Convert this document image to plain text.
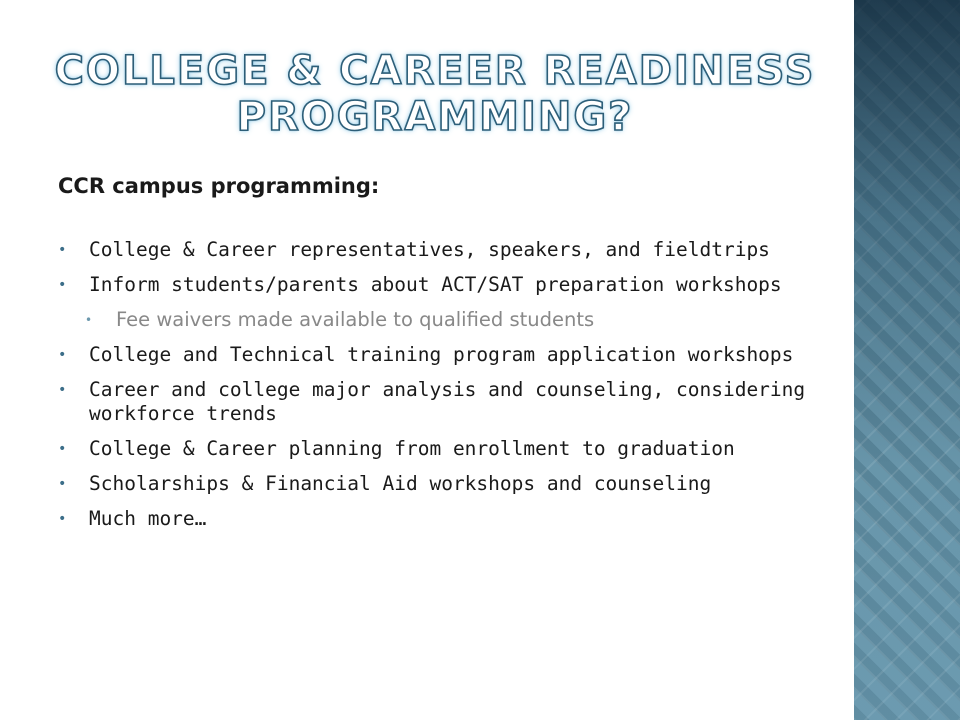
COLLEGE & CAREER READINESS PROGRAMMING?
CCR campus programming:
• College & Career representatives, speakers, and fieldtrips
• Inform students/parents about ACT/SAT preparation workshops
• Fee waivers made available to qualified students
• College and Technical training program application workshops
• Career and college major analysis and counseling, considering workforce trends
• College & Career planning from enrollment to graduation
• Scholarships & Financial Aid workshops and counseling
• Much more…
